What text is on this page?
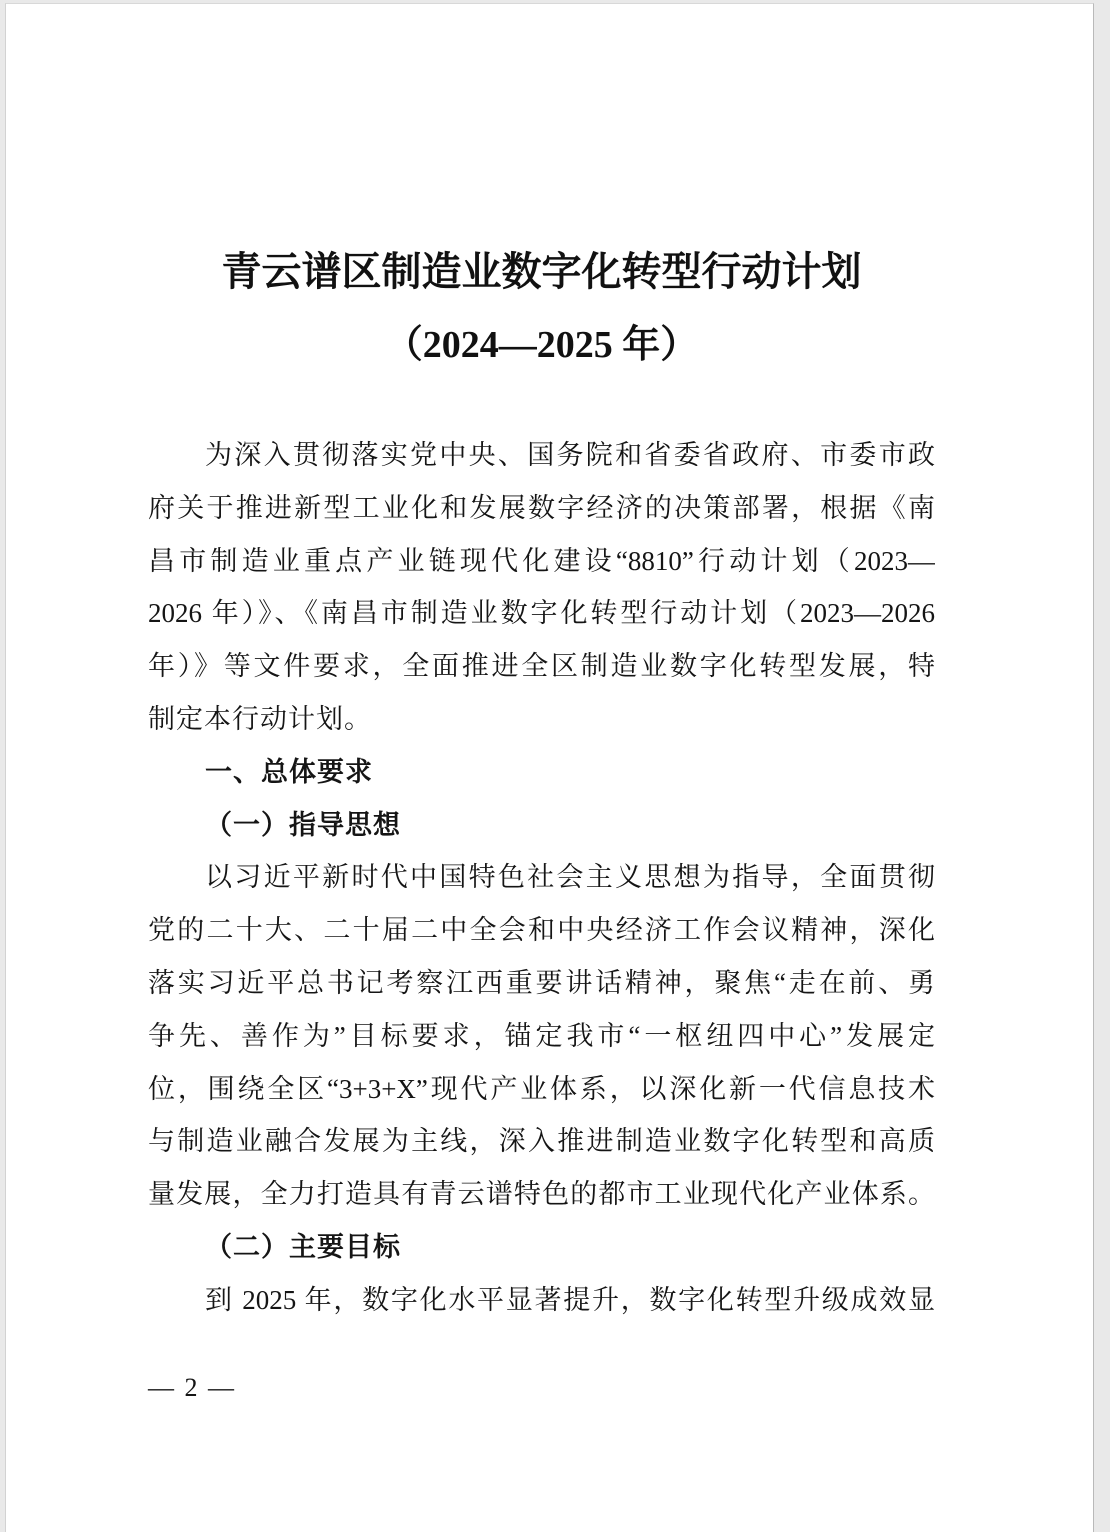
青云谱区制造业数字化转型行动计划
（2024—2025 年）
为深入贯彻落实党中央、国务院和省委省政府、市委市政
府关于推进新型工业化和发展数字经济的决策部署，根据《南
昌市制造业重点产业链现代化建设“8810”行动计划（2023—
2026 年）》、《南昌市制造业数字化转型行动计划（2023—2026
年）》等文件要求，全面推进全区制造业数字化转型发展，特
制定本行动计划。
一、总体要求
（一）指导思想
以习近平新时代中国特色社会主义思想为指导，全面贯彻
党的二十大、二十届二中全会和中央经济工作会议精神，深化
落实习近平总书记考察江西重要讲话精神，聚焦“走在前、勇
争先、善作为”目标要求，锚定我市“一枢纽四中心”发展定
位，围绕全区“3+3+X”现代产业体系，以深化新一代信息技术
与制造业融合发展为主线，深入推进制造业数字化转型和高质
量发展，全力打造具有青云谱特色的都市工业现代化产业体系。
（二）主要目标
到 2025 年，数字化水平显著提升，数字化转型升级成效显
— 2 —
